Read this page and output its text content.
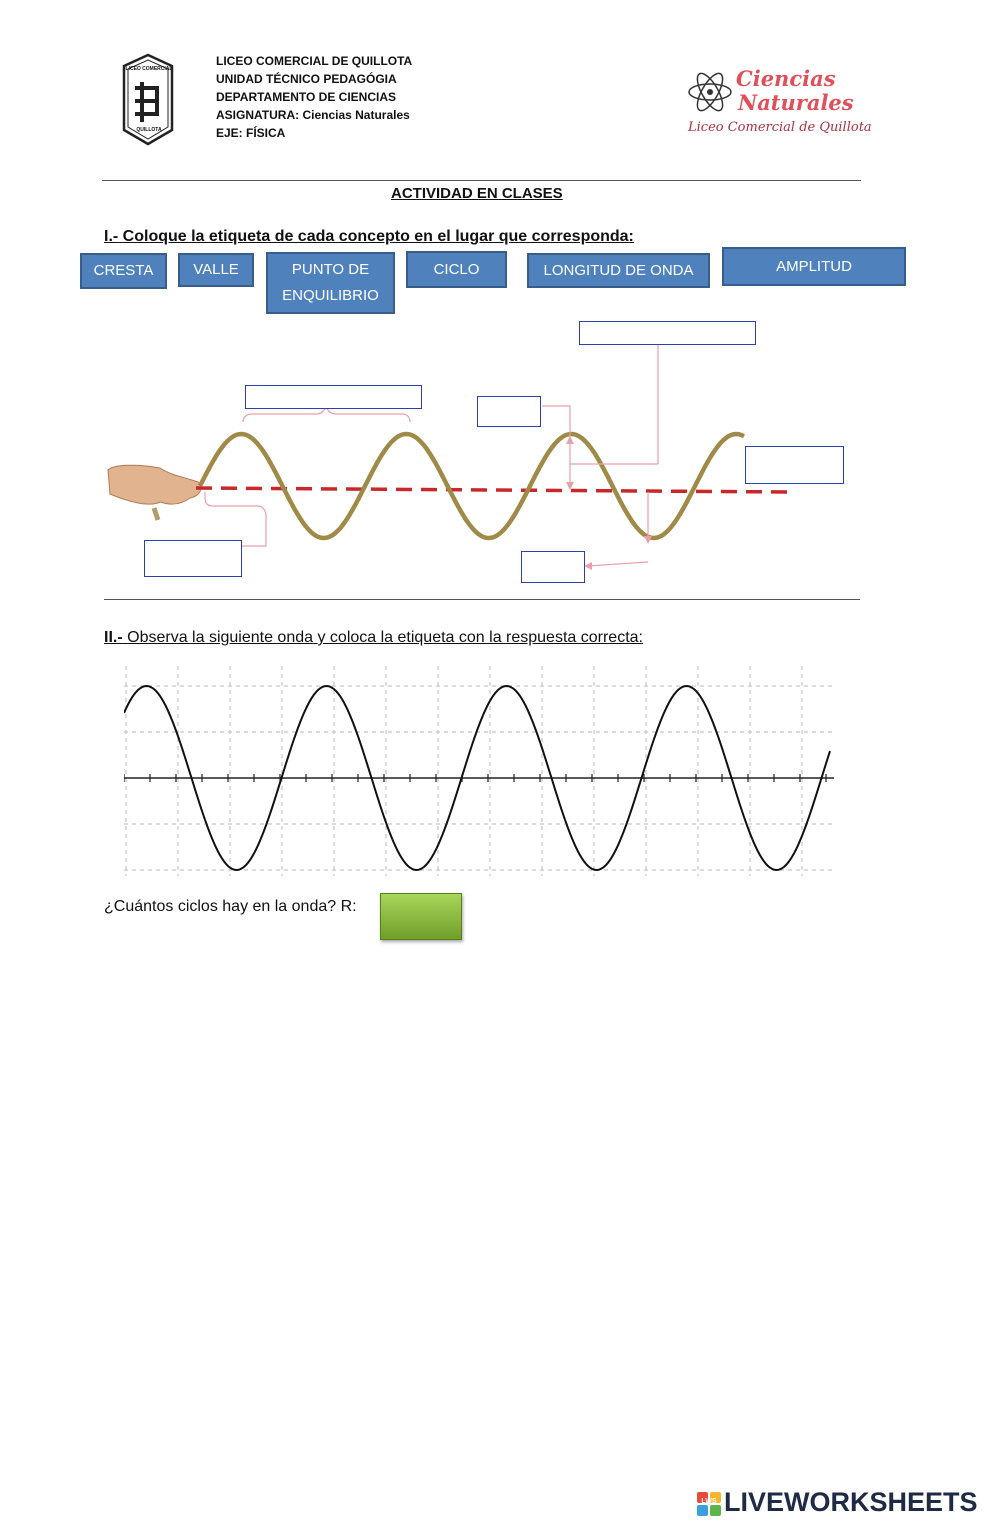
LICEO COMERCIAL
QUILLOTA
LICEO COMERCIAL DE QUILLOTA
UNIDAD TÉCNICO PEDAGÓGIA
DEPARTAMENTO DE CIENCIAS
ASIGNATURA: Ciencias Naturales
EJE: FÍSICA
Ciencias
Naturales
Liceo Comercial de Quillota
ACTIVIDAD EN CLASES
I.- Coloque la etiqueta de cada concepto en el lugar que corresponda:
CRESTA	VALLE	PUNTO DE ENQUILIBRIO
CICLO	LONGITUD DE ONDA	AMPLITUD
II.- Observa la siguiente onda y coloca la etiqueta con la respuesta correcta:
¿Cuántos ciclos hay en la onda? R:
LWS LIVEWORKSHEETS
